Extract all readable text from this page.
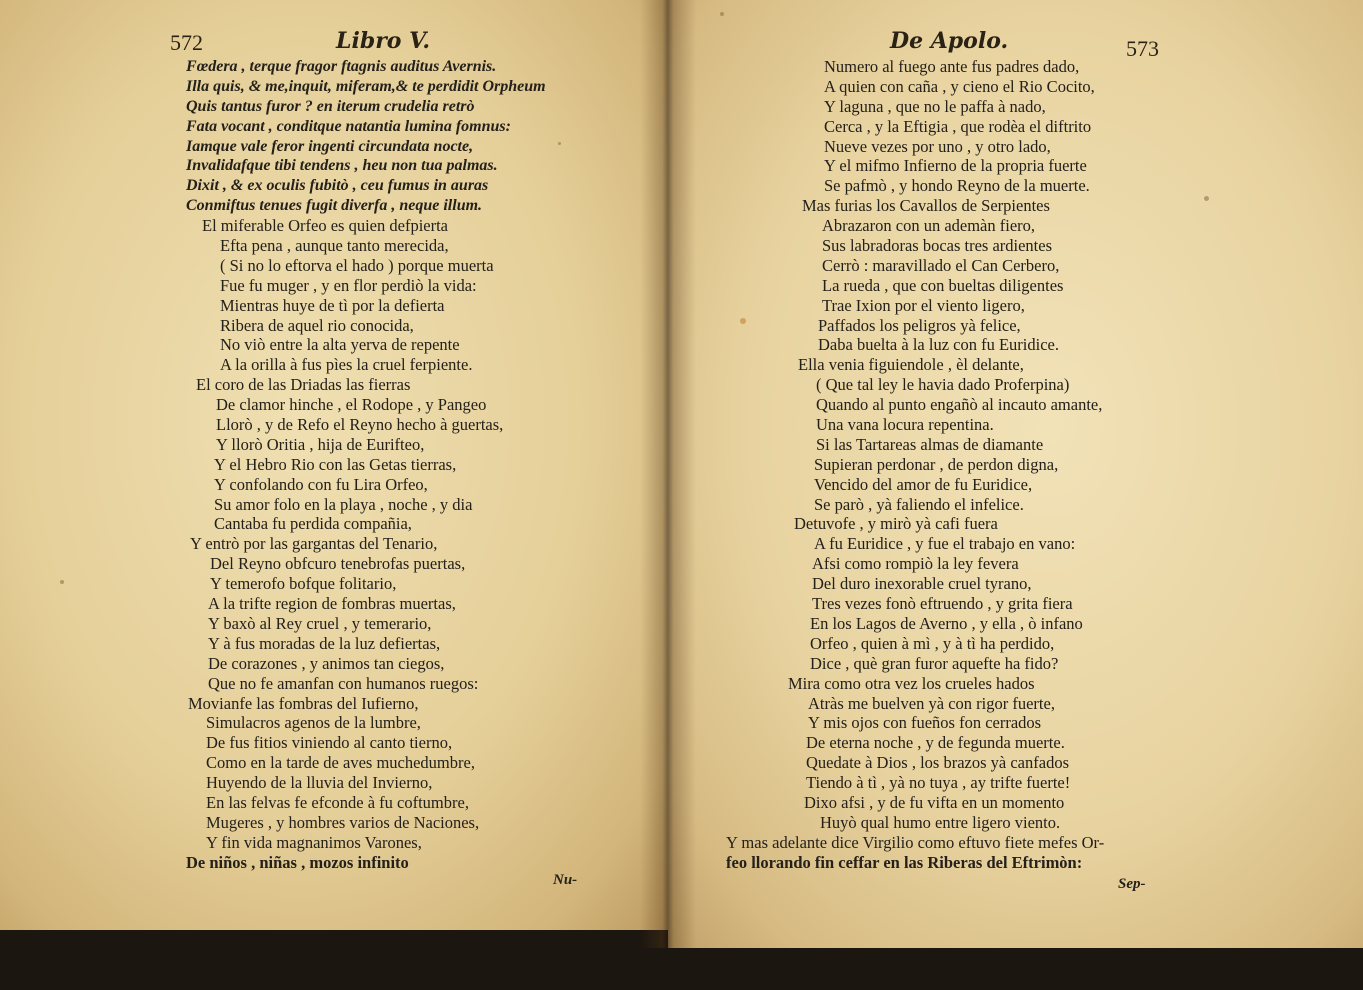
572	Libro V.
Fœdera , terque fragor ftagnis auditus Avernis.
Illa quis, & me,inquit, miferam,& te perdidit Orpheum
Quis tantus furor ? en iterum crudelia retrò
Fata vocant , conditque natantia lumina fomnus:
Iamque vale feror ingenti circundata nocte,
Invalidafque tibi tendens , heu non tua palmas.
Dixit , & ex oculis fubitò , ceu fumus in auras
Conmiftus tenues fugit diverfa , neque illum.
El miferable Orfeo es quien defpierta
Efta pena , aunque tanto merecida,
( Si no lo eftorva el hado ) porque muerta
Fue fu muger , y en flor perdiò la vida:
Mientras huye de tì por la defierta
Ribera de aquel rio conocida,
No viò entre la alta yerva de repente
A la orilla à fus pìes la cruel ferpiente.
El coro de las Driadas las fierras
De clamor hinche , el Rodope , y Pangeo
Llorò , y de Refo el Reyno hecho à guertas,
Y llorò Oritia , hija de Eurifteo,
Y el Hebro Rio con las Getas tierras,
Y confolando con fu Lira Orfeo,
Su amor folo en la playa , noche , y dia
Cantaba fu perdida compañia,
Y entrò por las gargantas del Tenario,
Del Reyno obfcuro tenebrofas puertas,
Y temerofo bofque folitario,
A la trifte region de fombras muertas,
Y baxò al Rey cruel , y temerario,
Y à fus moradas de la luz defiertas,
De corazones , y animos tan ciegos,
Que no fe amanfan con humanos ruegos:
Movianfe las fombras del Iufierno,
Simulacros agenos de la lumbre,
De fus fitios viniendo al canto tierno,
Como en la tarde de aves muchedumbre,
Huyendo de la lluvia del Invierno,
En las felvas fe efconde à fu coftumbre,
Mugeres , y hombres varios de Naciones,
Y fin vida magnanimos Varones,
De niños , niñas , mozos infinito
Nu-
De Apolo.	573
Numero al fuego ante fus padres dado,
A quien con caña , y cieno el Rio Cocito,
Y laguna , que no le paffa à nado,
Cerca , y la Eftigia , que rodèa el diftrito
Nueve vezes por uno , y otro lado,
Y el mifmo Infierno de la propria fuerte
Se pafmò , y hondo Reyno de la muerte.
Mas furias los Cavallos de Serpientes
Abrazaron con un ademàn fiero,
Sus labradoras bocas tres ardientes
Cerrò : maravillado el Can Cerbero,
La rueda , que con bueltas diligentes
Trae Ixion por el viento ligero,
Paffados los peligros yà felice,
Daba buelta à la luz con fu Euridice.
Ella venia figuiendole , èl delante,
( Que tal ley le havia dado Proferpina)
Quando al punto engañò al incauto amante,
Una vana locura repentina.
Si las Tartareas almas de diamante
Supieran perdonar , de perdon digna,
Vencido del amor de fu Euridice,
Se parò , yà faliendo el infelice.
Detuvofe , y mirò yà cafi fuera
A fu Euridice , y fue el trabajo en vano:
Afsi como rompiò la ley fevera
Del duro inexorable cruel tyrano,
Tres vezes fonò eftruendo , y grita fiera
En los Lagos de Averno , y ella , ò infano
Orfeo , quien à mì , y à tì ha perdido,
Dice , què gran furor aquefte ha fido?
Mira como otra vez los crueles hados
Atràs me buelven yà con rigor fuerte,
Y mis ojos con fueños fon cerrados
De eterna noche , y de fegunda muerte.
Quedate à Dios , los brazos yà canfados
Tiendo à tì , yà no tuya , ay trifte fuerte!
Dixo afsi , y de fu vifta en un momento
Huyò qual humo entre ligero viento.
Y mas adelante dice Virgilio como eftuvo fiete mefes Or-
feo llorando fin ceffar en las Riberas del Eftrimòn:
Sep-
